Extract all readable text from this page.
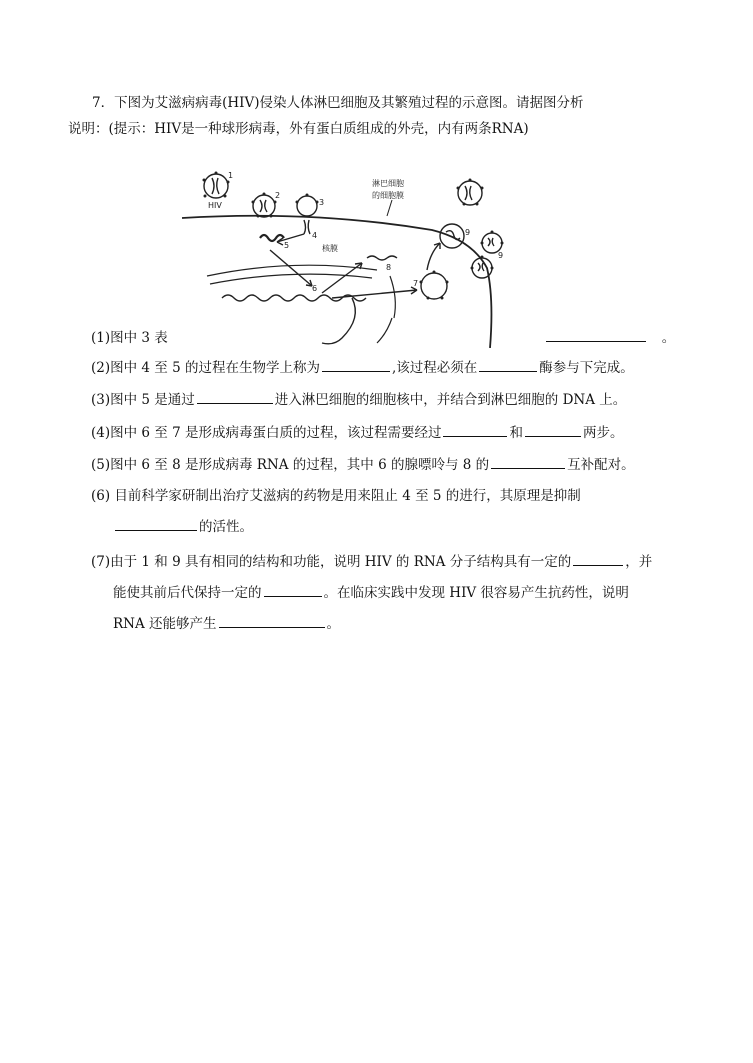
7．下图为艾滋病病毒(HIV)侵染人体淋巴细胞及其繁殖过程的示意图。请据图分析
说明：(提示：HIV是一种球形病毒，外有蛋白质组成的外壳，内有两条RNA)
HIV
1
2
3
4
5
6
7
8
9
9
淋巴细胞
的细胞膜
核膜
(1)图中 3 表	。
(2)图中 4 至 5 的过程在生物学上称为	,该过程必须在	酶参与下完成。
(3)图中 5 是通过	进入淋巴细胞的细胞核中，并结合到淋巴细胞的 DNA 上。
(4)图中 6 至 7 是形成病毒蛋白质的过程，该过程需要经过	和	两步。
(5)图中 6 至 8 是形成病毒 RNA 的过程，其中 6 的腺嘌呤与 8 的	互补配对。
(6) 目前科学家研制出治疗艾滋病的药物是用来阻止 4 至 5 的进行，其原理是抑制
的活性。
(7)由于 1 和 9 具有相同的结构和功能，说明 HIV 的 RNA 分子结构具有一定的	，并
能使其前后代保持一定的	。在临床实践中发现 HIV 很容易产生抗药性，说明
RNA 还能够产生	。
